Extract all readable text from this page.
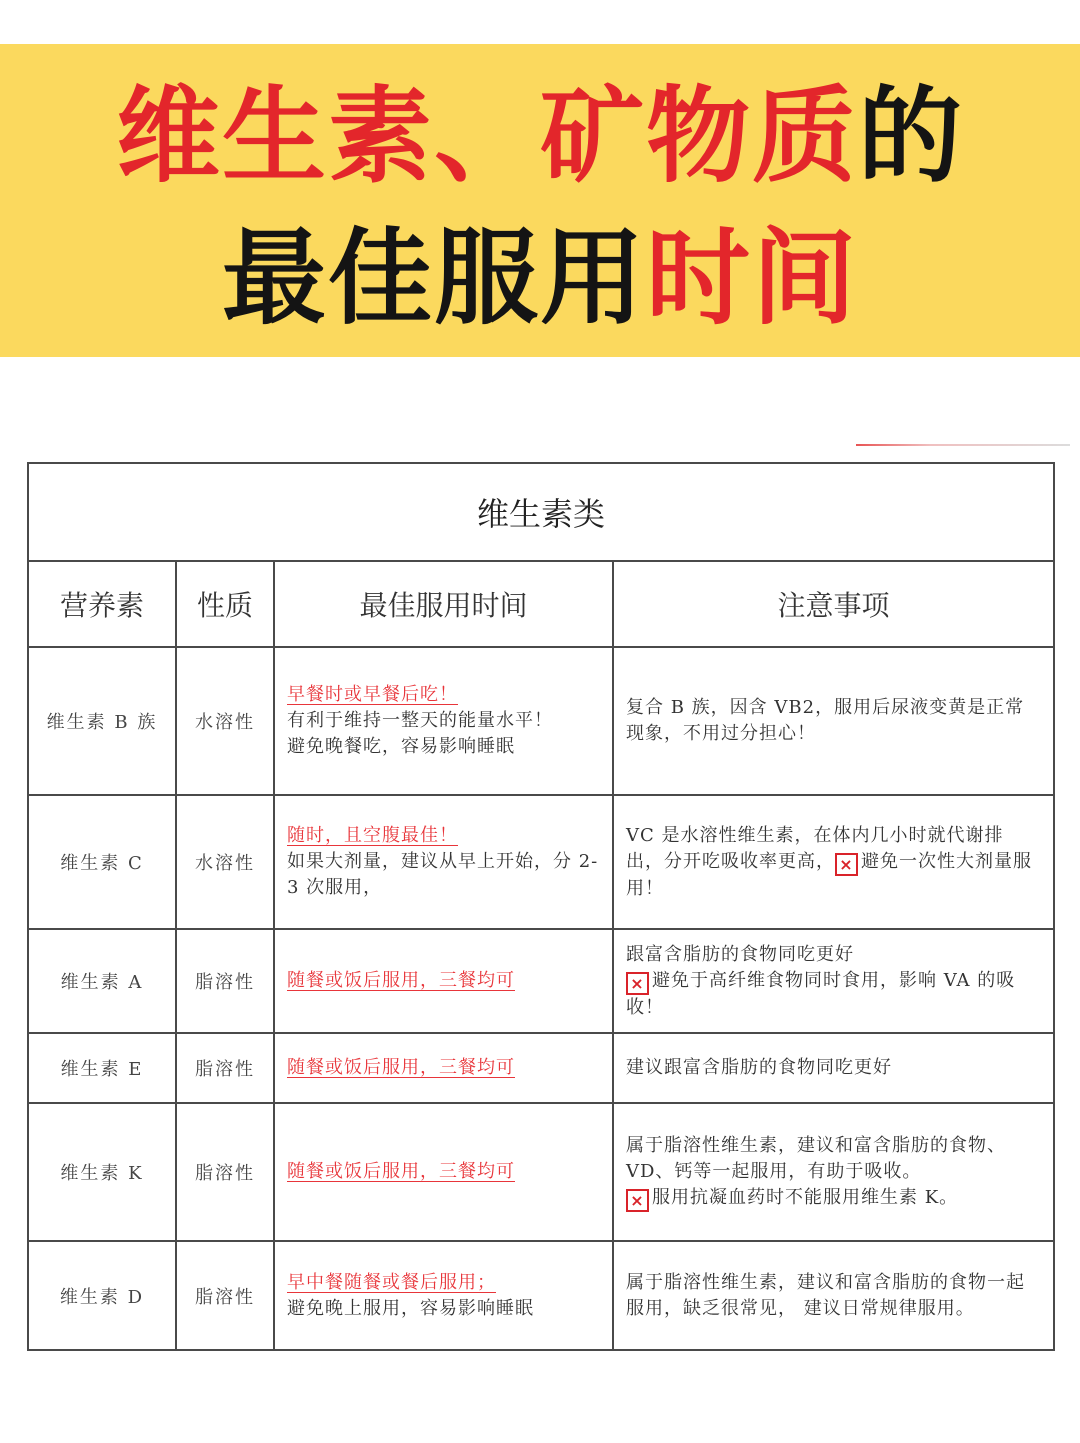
维生素、矿物质的
最佳服用时间
维生素类			
营养素	性质	最佳服用时间	注意事项
维生素 B 族	水溶性	早餐时或早餐后吃！
有利于维持一整天的能量水平！
避免晚餐吃，容易影响睡眠	复合 B 族，因含 VB2，服用后尿液变黄是正常现象，不用过分担心！
维生素 C	水溶性	随时，且空腹最佳！
如果大剂量，建议从早上开始，分 2-3 次服用，	VC 是水溶性维生素，在体内几小时就代谢排出，分开吃吸收率更高， × 避免一次性大剂量服用！
维生素 A	脂溶性	随餐或饭后服用，三餐均可	跟富含脂肪的食物同吃更好
× 避免于高纤维食物同时食用，影响 VA 的吸收！

维生素 E	脂溶性	随餐或饭后服用，三餐均可	建议跟富含脂肪的食物同吃更好
维生素 K	脂溶性	随餐或饭后服用，三餐均可	属于脂溶性维生素，建议和富含脂肪的食物、VD、钙等一起服用，有助于吸收。
× 服用抗凝血药时不能服用维生素 K。

维生素 D	脂溶性	早中餐随餐或餐后服用；
避免晚上服用，容易影响睡眠	属于脂溶性维生素，建议和富含脂肪的食物一起服用，缺乏很常见， 建议日常规律服用。
